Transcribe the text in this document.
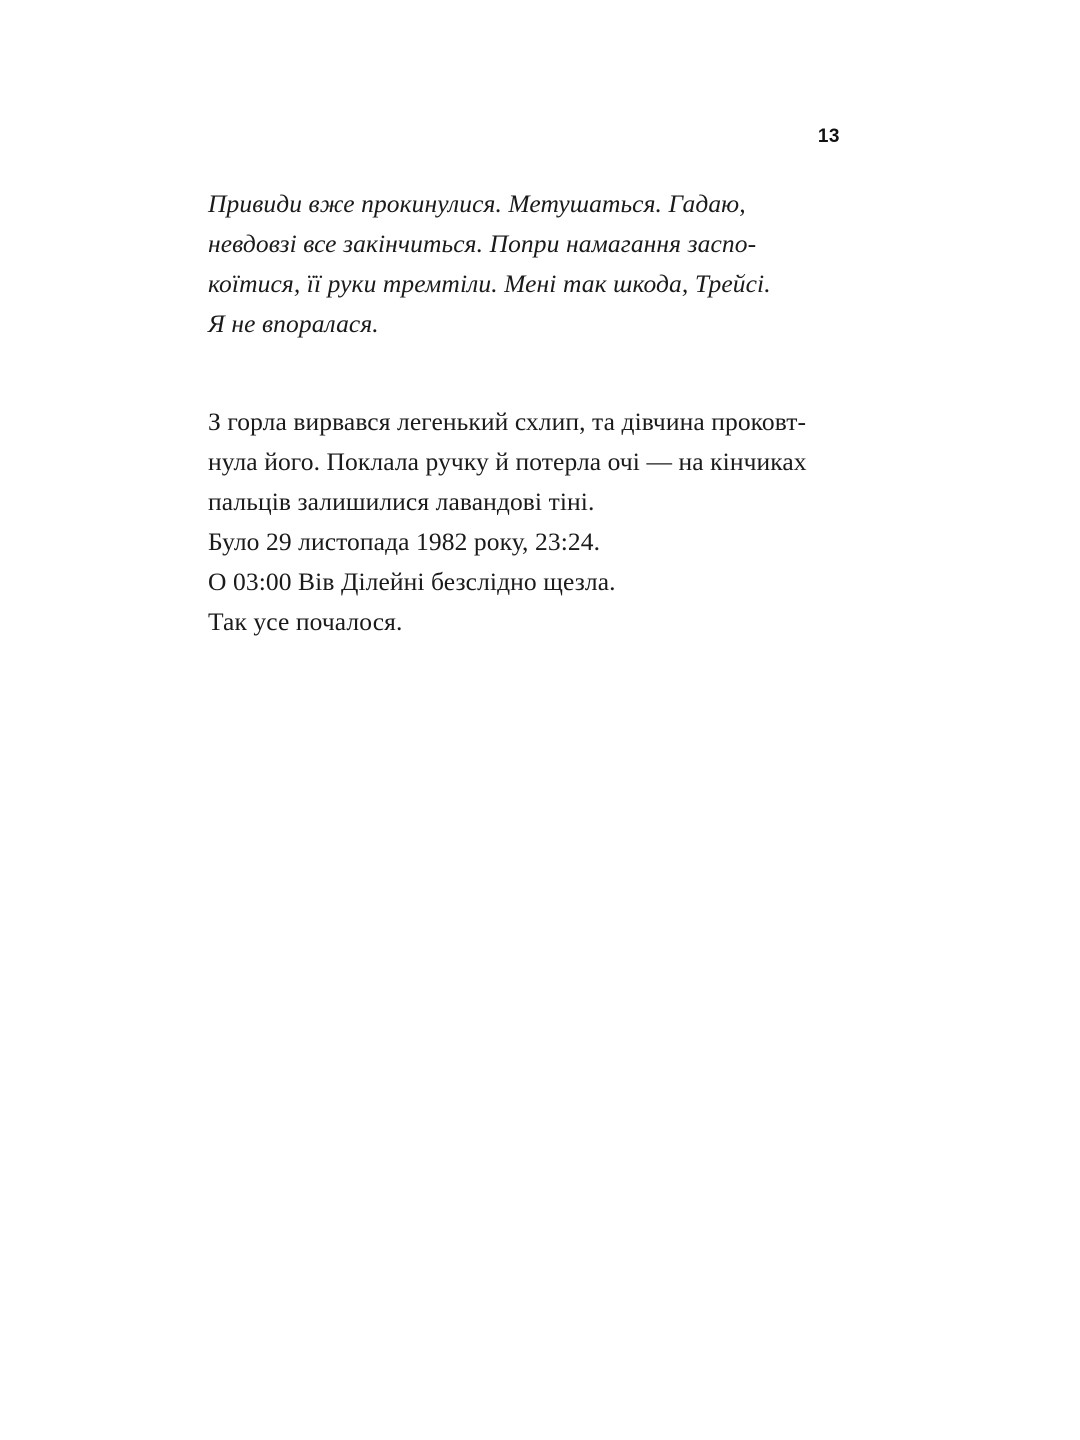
13

Привиди вже прокинулися. Метушаться. Гадаю,
невдовзі все закінчиться. Попри намагання заспо-
коїтися, її руки тремтіли. Мені так шкода, Трейсі.
Я не впоралася.

З горла вирвався легенький схлип, та дівчина проковт-
нула його. Поклала ручку й потерла очі — на кінчиках
пальців залишилися лавандові тіні.

Було 29 листопада 1982 року, 23:24.

О 03:00 Вів Ділейні безслідно щезла.

Так усе почалося.
